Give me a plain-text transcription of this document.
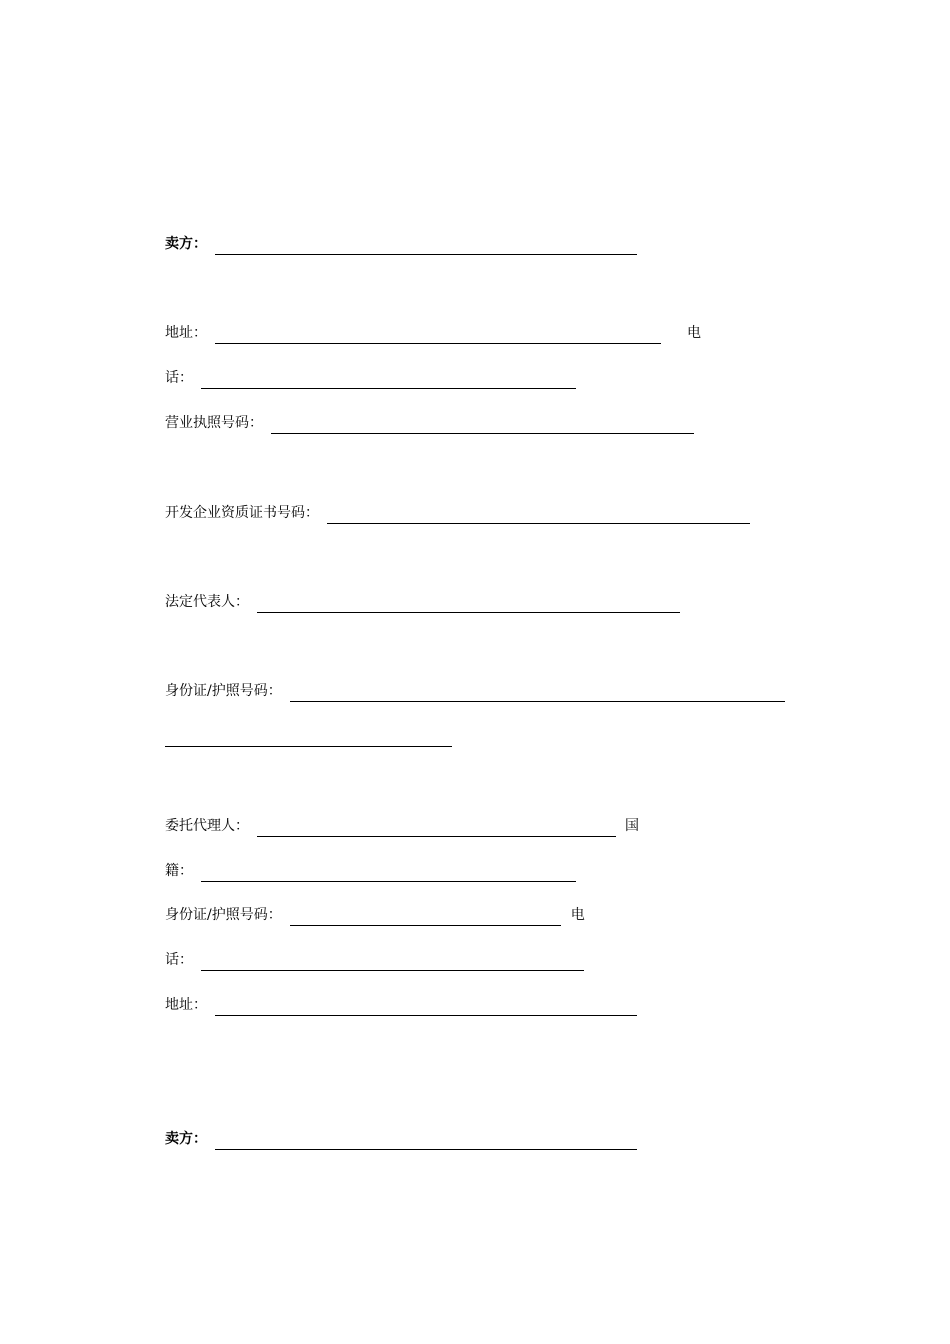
卖方：
地址：	电
话：
营业执照号码：
开发企业资质证书号码：
法定代表人：
身份证/护照号码：
委托代理人：	国
籍：
身份证/护照号码：	电
话：
地址：
卖方：
